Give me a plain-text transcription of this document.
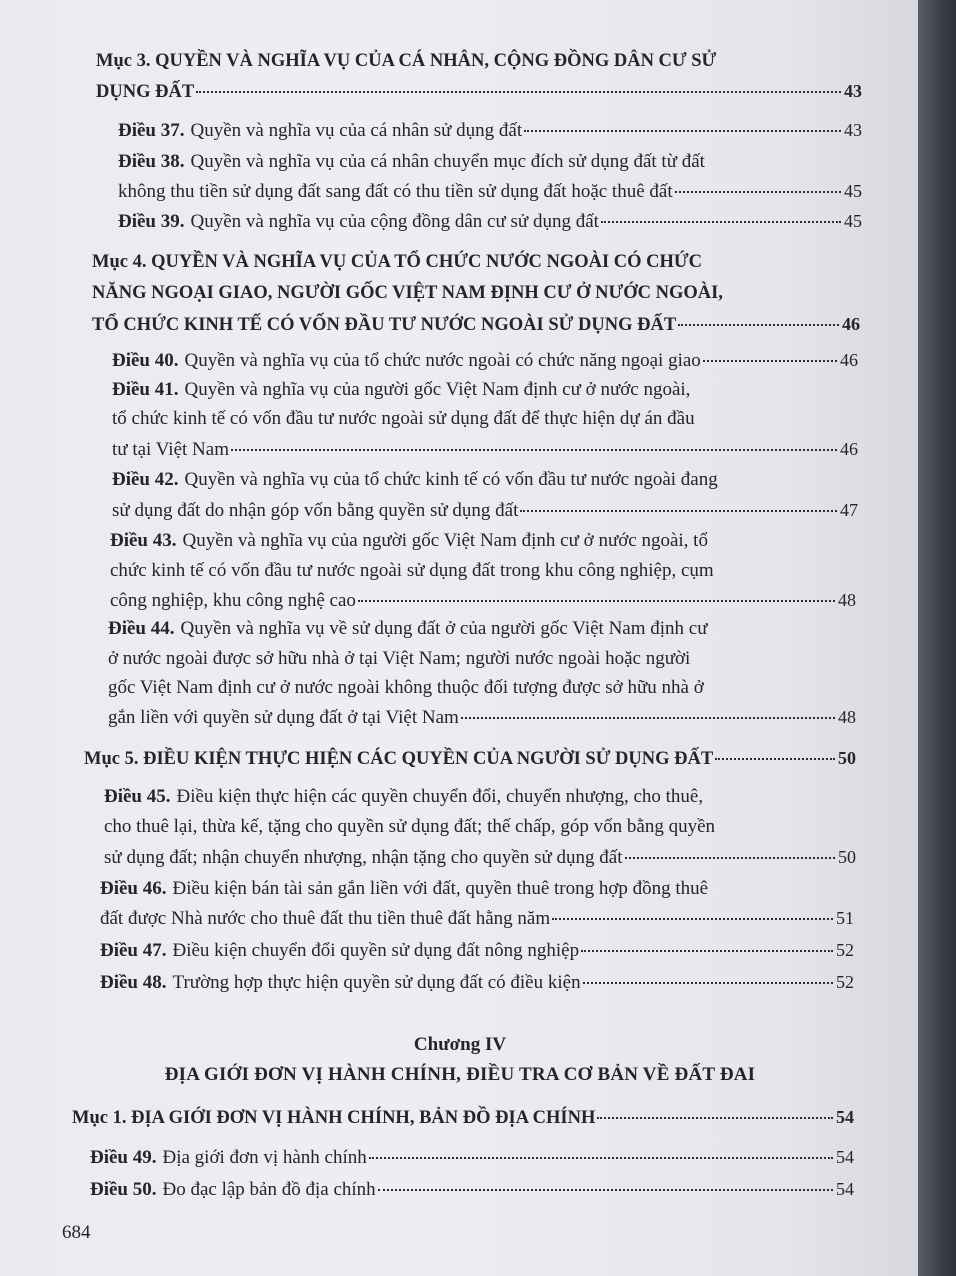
Mục 3. QUYỀN VÀ NGHĨA VỤ CỦA CÁ NHÂN, CỘNG ĐỒNG DÂN CƯ SỬ
DỤNG ĐẤT	43
Điều 37. Quyền và nghĩa vụ của cá nhân sử dụng đất	43
Điều 38. Quyền và nghĩa vụ của cá nhân chuyển mục đích sử dụng đất từ đất
không thu tiền sử dụng đất sang đất có thu tiền sử dụng đất hoặc thuê đất	45
Điều 39. Quyền và nghĩa vụ của cộng đồng dân cư sử dụng đất	45
Mục 4. QUYỀN VÀ NGHĨA VỤ CỦA TỔ CHỨC NƯỚC NGOÀI CÓ CHỨC
NĂNG NGOẠI GIAO, NGƯỜI GỐC VIỆT NAM ĐỊNH CƯ Ở NƯỚC NGOÀI,
TỔ CHỨC KINH TẾ CÓ VỐN ĐẦU TƯ NƯỚC NGOÀI SỬ DỤNG ĐẤT	46
Điều 40. Quyền và nghĩa vụ của tổ chức nước ngoài có chức năng ngoại giao	46
Điều 41. Quyền và nghĩa vụ của người gốc Việt Nam định cư ở nước ngoài,
tổ chức kinh tế có vốn đầu tư nước ngoài sử dụng đất để thực hiện dự án đầu
tư tại Việt Nam	46
Điều 42. Quyền và nghĩa vụ của tổ chức kinh tế có vốn đầu tư nước ngoài đang
sử dụng đất do nhận góp vốn bằng quyền sử dụng đất	47
Điều 43. Quyền và nghĩa vụ của người gốc Việt Nam định cư ở nước ngoài, tổ
chức kinh tế có vốn đầu tư nước ngoài sử dụng đất trong khu công nghiệp, cụm
công nghiệp, khu công nghệ cao	48
Điều 44. Quyền và nghĩa vụ về sử dụng đất ở của người gốc Việt Nam định cư
ở nước ngoài được sở hữu nhà ở tại Việt Nam; người nước ngoài hoặc người
gốc Việt Nam định cư ở nước ngoài không thuộc đối tượng được sở hữu nhà ở
gắn liền với quyền sử dụng đất ở tại Việt Nam	48
Mục 5. ĐIỀU KIỆN THỰC HIỆN CÁC QUYỀN CỦA NGƯỜI SỬ DỤNG ĐẤT	50
Điều 45. Điều kiện thực hiện các quyền chuyển đổi, chuyển nhượng, cho thuê,
cho thuê lại, thừa kế, tặng cho quyền sử dụng đất; thế chấp, góp vốn bằng quyền
sử dụng đất; nhận chuyển nhượng, nhận tặng cho quyền sử dụng đất	50
Điều 46. Điều kiện bán tài sản gắn liền với đất, quyền thuê trong hợp đồng thuê
đất được Nhà nước cho thuê đất thu tiền thuê đất hằng năm	51
Điều 47. Điều kiện chuyển đổi quyền sử dụng đất nông nghiệp	52
Điều 48. Trường hợp thực hiện quyền sử dụng đất có điều kiện	52
Chương IV
ĐỊA GIỚI ĐƠN VỊ HÀNH CHÍNH, ĐIỀU TRA CƠ BẢN VỀ ĐẤT ĐAI
Mục 1. ĐỊA GIỚI ĐƠN VỊ HÀNH CHÍNH, BẢN ĐỒ ĐỊA CHÍNH	54
Điều 49. Địa giới đơn vị hành chính	54
Điều 50. Đo đạc lập bản đồ địa chính	54
684
